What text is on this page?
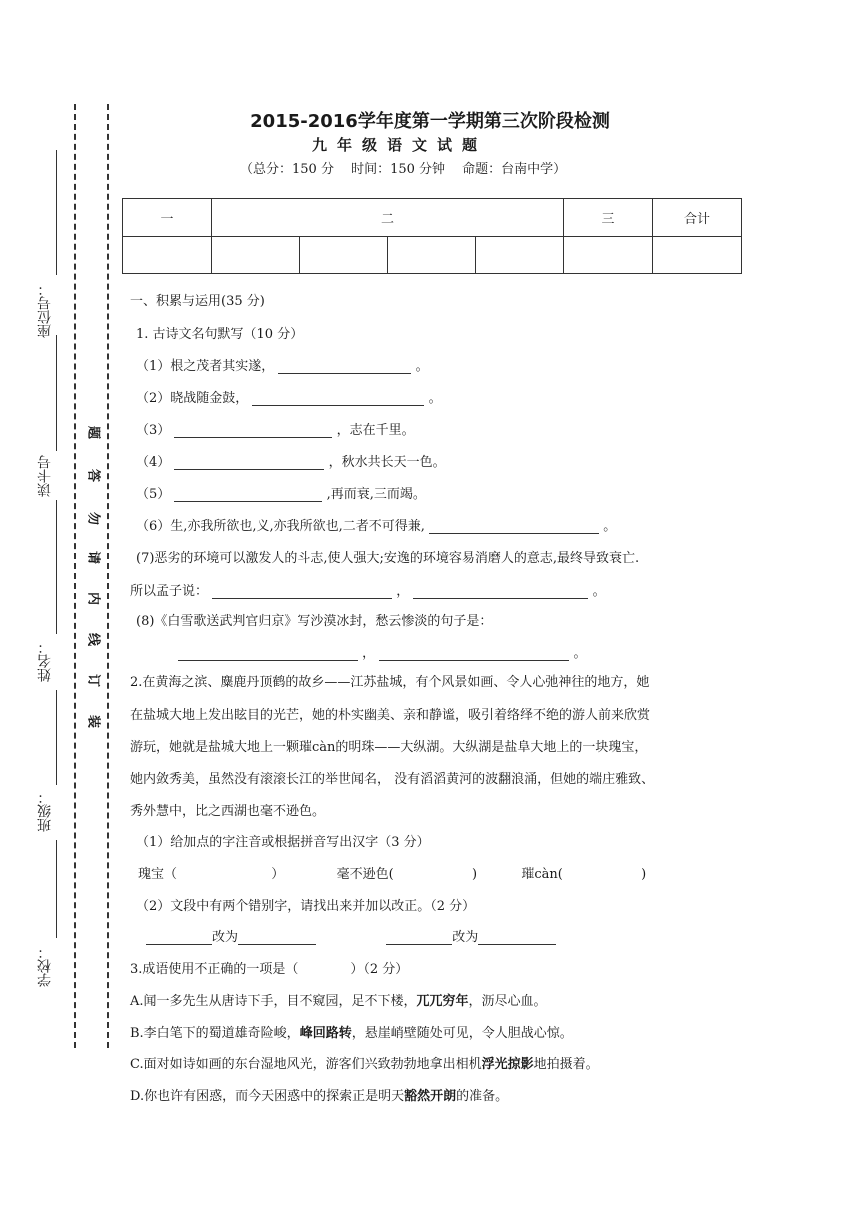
座位号：
读卡号
姓名：
班级：
学校：
题
答
勿
请
内
线
订
装
2015-2016学年度第一学期第三次阶段检测
九年级语文试题
（总分：150 分　 时间：150 分钟　 命题：台南中学）
一	二				三	合计

一、积累与运用(35 分)
1. 古诗文名句默写（10 分）
（1）根之茂者其实遂，	。
（2）晓战随金鼓，	。
（3）	，志在千里。
（4）	，秋水共长天一色。
（5）	,再而衰,三而竭。
（6）生,亦我所欲也,义,亦我所欲也,二者不可得兼,	。
(7)恶劣的环境可以激发人的斗志,使人强大;安逸的环境容易消磨人的意志,最终导致衰亡.
所以孟子说：	，	。
(8)《白雪歌送武判官归京》写沙漠冰封，愁云惨淡的句子是：
，	。
2.在黄海之滨、麋鹿丹顶鹤的故乡——江苏盐城，有个风景如画、令人心弛神往的地方，她
在盐城大地上发出眩目的光芒，她的朴实幽美、亲和静谧，吸引着络绎不绝的游人前来欣赏
游玩，她就是盐城大地上一颗璀càn的明珠——大纵湖。大纵湖是盐阜大地上的一块瑰宝，
她内敛秀美，虽然没有滚滚长江的举世闻名， 没有滔滔黄河的波翻浪涌，但她的端庄雅致、
秀外慧中，比之西湖也毫不逊色。
（1）给加点的字注音或根据拼音写出汉字（3 分）
瑰宝（	）	毫不逊色(	)	璀càn(	)
（2）文段中有两个错别字，请找出来并加以改正。（2 分）
改为	改为
3.成语使用不正确的一项是（　　　　）（2 分）
A.闻一多先生从唐诗下手，目不窥园，足不下楼，兀兀穷年，沥尽心血。
B.李白笔下的蜀道雄奇险峻，峰回路转，悬崖峭壁随处可见，令人胆战心惊。
C.面对如诗如画的东台湿地风光，游客们兴致勃勃地拿出相机浮光掠影地拍摄着。
D.你也许有困惑，而今天困惑中的探索正是明天豁然开朗的准备。
